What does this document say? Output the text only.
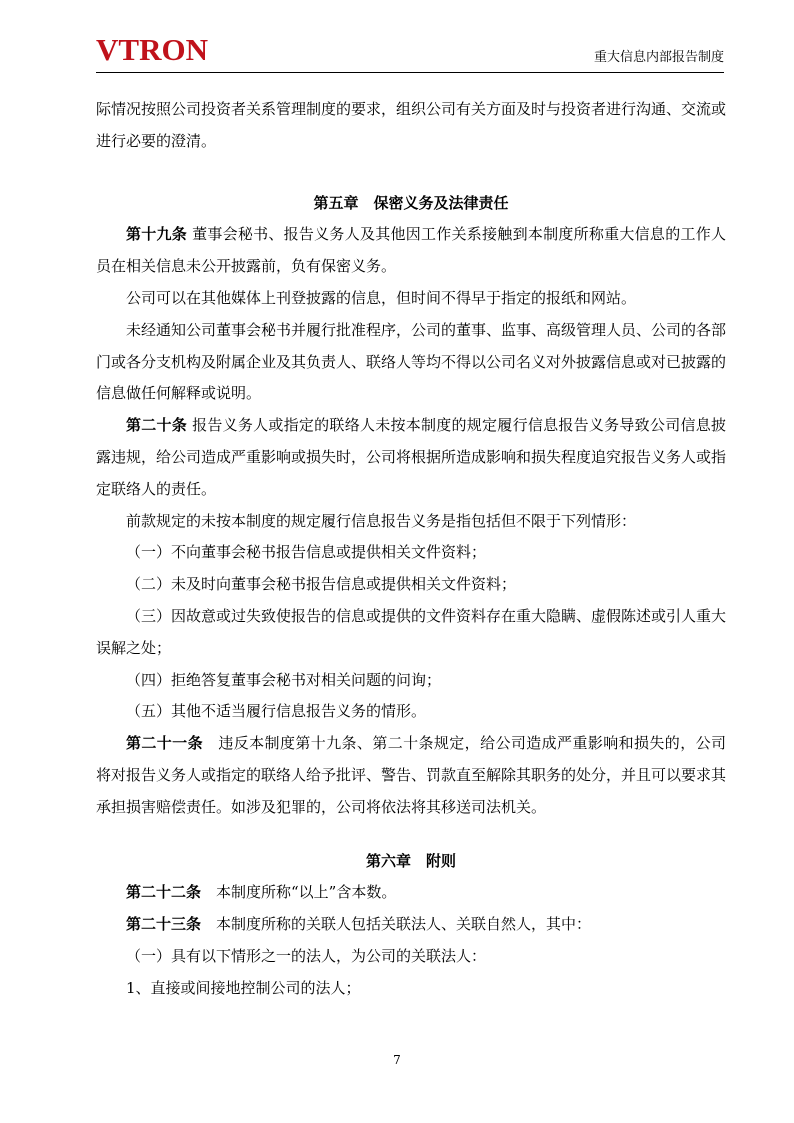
VTRON	重大信息内部报告制度

际情况按照公司投资者关系管理制度的要求，组织公司有关方面及时与投资者进行沟通、交流或进行必要的澄清。

第五章　保密义务及法律责任

第十九条 董事会秘书、报告义务人及其他因工作关系接触到本制度所称重大信息的工作人员在相关信息未公开披露前，负有保密义务。

公司可以在其他媒体上刊登披露的信息，但时间不得早于指定的报纸和网站。

未经通知公司董事会秘书并履行批准程序，公司的董事、监事、高级管理人员、公司的各部门或各分支机构及附属企业及其负责人、联络人等均不得以公司名义对外披露信息或对已披露的信息做任何解释或说明。

第二十条 报告义务人或指定的联络人未按本制度的规定履行信息报告义务导致公司信息披露违规，给公司造成严重影响或损失时，公司将根据所造成影响和损失程度追究报告义务人或指定联络人的责任。

前款规定的未按本制度的规定履行信息报告义务是指包括但不限于下列情形：

（一）不向董事会秘书报告信息或提供相关文件资料；

（二）未及时向董事会秘书报告信息或提供相关文件资料；

（三）因故意或过失致使报告的信息或提供的文件资料存在重大隐瞒、虚假陈述或引人重大误解之处；

（四）拒绝答复董事会秘书对相关问题的问询；

（五）其他不适当履行信息报告义务的情形。

第二十一条　违反本制度第十九条、第二十条规定，给公司造成严重影响和损失的，公司将对报告义务人或指定的联络人给予批评、警告、罚款直至解除其职务的处分，并且可以要求其承担损害赔偿责任。如涉及犯罪的，公司将依法将其移送司法机关。

第六章　附则

第二十二条　本制度所称“以上”含本数。

第二十三条　本制度所称的关联人包括关联法人、关联自然人，其中：

（一）具有以下情形之一的法人，为公司的关联法人：

1、直接或间接地控制公司的法人；

7
